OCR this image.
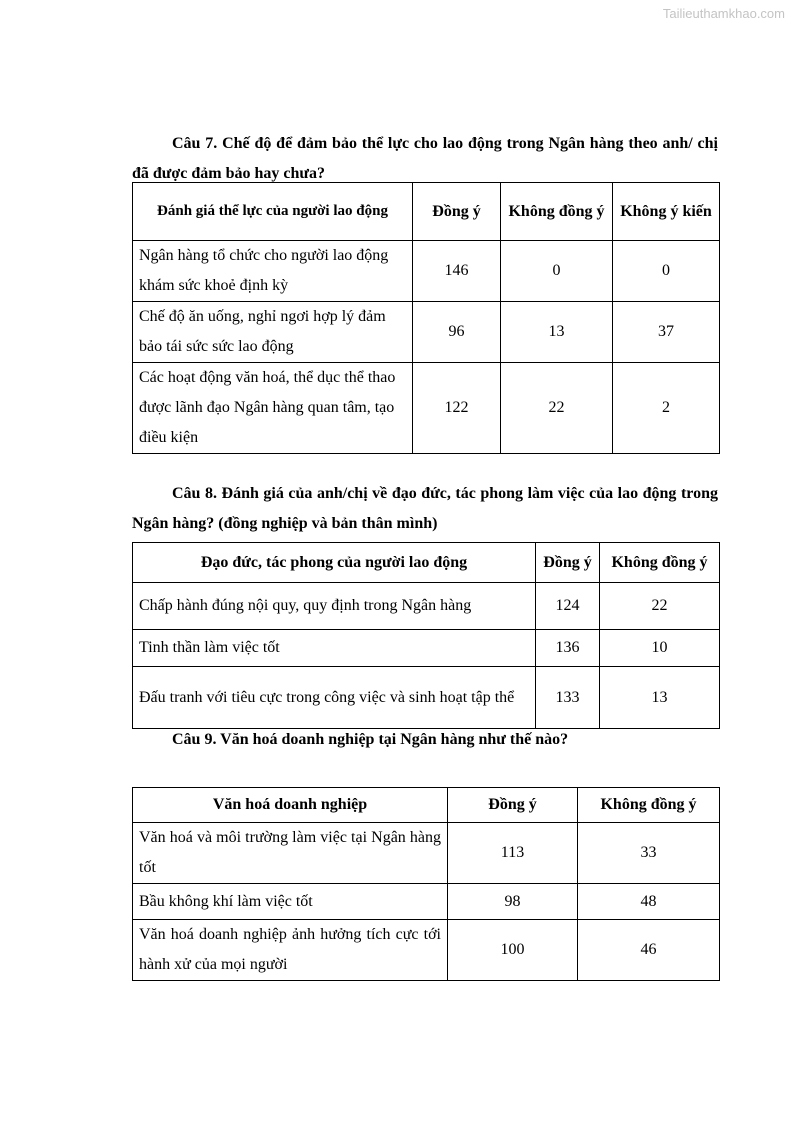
Tailieuthamkhao.com
Câu 7. Chế độ để đảm bảo thể lực cho lao động trong Ngân hàng theo anh/ chị đã được đảm bảo hay chưa?
Đánh giá thể lực của người lao động	Đồng ý	Không đồng ý	Không ý kiến
Ngân hàng tổ chức cho người lao động khám sức khoẻ định kỳ	146	0	0
Chế độ ăn uống, nghỉ ngơi hợp lý đảm bảo tái sức sức lao động	96	13	37
Các hoạt động văn hoá, thể dục thể thao được lãnh đạo Ngân hàng quan tâm, tạo điều kiện	122	22	2
Câu 8. Đánh giá của anh/chị về đạo đức, tác phong làm việc của lao động trong Ngân hàng? (đồng nghiệp và bản thân mình)
Đạo đức, tác phong của người lao động	Đồng ý	Không đồng ý
Chấp hành đúng nội quy, quy định trong Ngân hàng	124	22
Tinh thần làm việc tốt	136	10
Đấu tranh với tiêu cực trong công việc và sinh hoạt tập thể	133	13
Câu 9. Văn hoá doanh nghiệp tại Ngân hàng như thế nào?
Văn hoá doanh nghiệp	Đồng ý	Không đồng ý
Văn hoá và môi trường làm việc tại Ngân hàng tốt	113	33
Bầu không khí làm việc tốt	98	48
Văn hoá doanh nghiệp ảnh hưởng tích cực tới hành xử của mọi người	100	46
